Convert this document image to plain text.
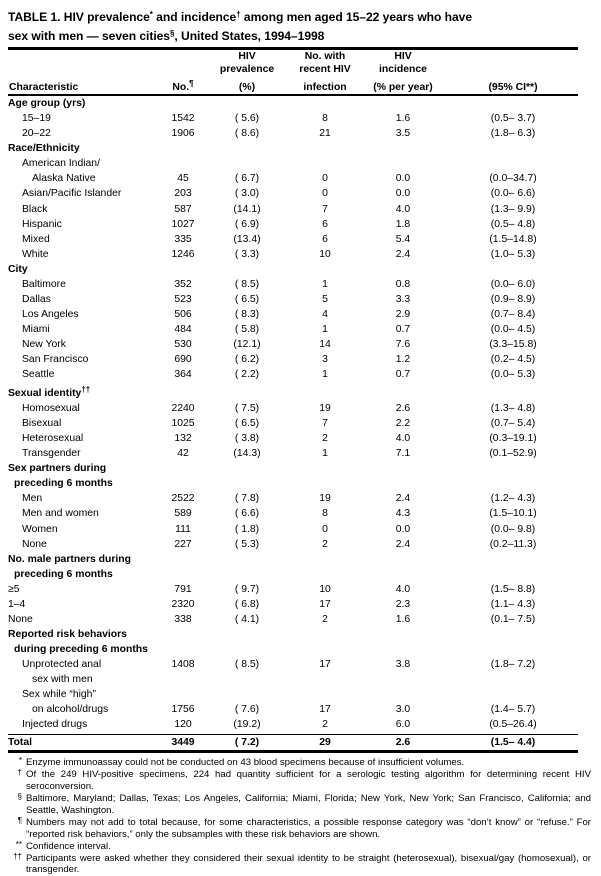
TABLE 1. HIV prevalence* and incidence† among men aged 15–22 years who have
sex with men — seven cities§, United States, 1994–1998
		HIV	No. with	HIV	
		prevalence	recent HIV	incidence	
Characteristic	No.¶	(%)	infection	(% per year)	(95% CI**)
Age group (yrs)					
15–19	1542	( 5.6)	8	1.6	(0.5– 3.7)
20–22	1906	( 8.6)	21	3.5	(1.8– 6.3)
Race/Ethnicity					
American Indian/					
Alaska Native	45	( 6.7)	0	0.0	(0.0–34.7)
Asian/Pacific Islander	203	( 3.0)	0	0.0	(0.0– 6.6)
Black	587	(14.1)	7	4.0	(1.3– 9.9)
Hispanic	1027	( 6.9)	6	1.8	(0.5– 4.8)
Mixed	335	(13.4)	6	5.4	(1.5–14.8)
White	1246	( 3.3)	10	2.4	(1.0– 5.3)
City					
Baltimore	352	( 8.5)	1	0.8	(0.0– 6.0)
Dallas	523	( 6.5)	5	3.3	(0.9– 8.9)
Los Angeles	506	( 8.3)	4	2.9	(0.7– 8.4)
Miami	484	( 5.8)	1	0.7	(0.0– 4.5)
New York	530	(12.1)	14	7.6	(3.3–15.8)
San Francisco	690	( 6.2)	3	1.2	(0.2– 4.5)
Seattle	364	( 2.2)	1	0.7	(0.0– 5.3)
Sexual identity††					
Homosexual	2240	( 7.5)	19	2.6	(1.3– 4.8)
Bisexual	1025	( 6.5)	7	2.2	(0.7– 5.4)
Heterosexual	132	( 3.8)	2	4.0	(0.3–19.1)
Transgender	42	(14.3)	1	7.1	(0.1–52.9)
Sex partners during					
preceding 6 months					
Men	2522	( 7.8)	19	2.4	(1.2– 4.3)
Men and women	589	( 6.6)	8	4.3	(1.5–10.1)
Women	111	( 1.8)	0	0.0	(0.0– 9.8)
None	227	( 5.3)	2	2.4	(0.2–11.3)
No. male partners during					
preceding 6 months					
≥5	791	( 9.7)	10	4.0	(1.5– 8.8)
1–4	2320	( 6.8)	17	2.3	(1.1– 4.3)
None	338	( 4.1)	2	1.6	(0.1– 7.5)
Reported risk behaviors					
during preceding 6 months					
Unprotected anal	1408	( 8.5)	17	3.8	(1.8– 7.2)
sex with men					
Sex while “high”					
on alcohol/drugs	1756	( 7.6)	17	3.0	(1.4– 5.7)
Injected drugs	120	(19.2)	2	6.0	(0.5–26.4)
Total	3449	( 7.2)	29	2.6	(1.5– 4.4)
* Enzyme immunoassay could not be conducted on 43 blood specimens because of insufficient volumes.
† Of the 249 HIV-positive specimens, 224 had quantity sufficient for a serologic testing algorithm for determining recent HIV seroconversion.
§ Baltimore, Maryland; Dallas, Texas; Los Angeles, California; Miami, Florida; New York, New York; San Francisco, California; and Seattle, Washington.
¶ Numbers may not add to total because, for some characteristics, a possible response category was “don’t know” or “refuse.” For “reported risk behaviors,” only the subsamples with these risk behaviors are shown.
** Confidence interval.
†† Participants were asked whether they considered their sexual identity to be straight (heterosexual), bisexual/gay (homosexual), or transgender.
